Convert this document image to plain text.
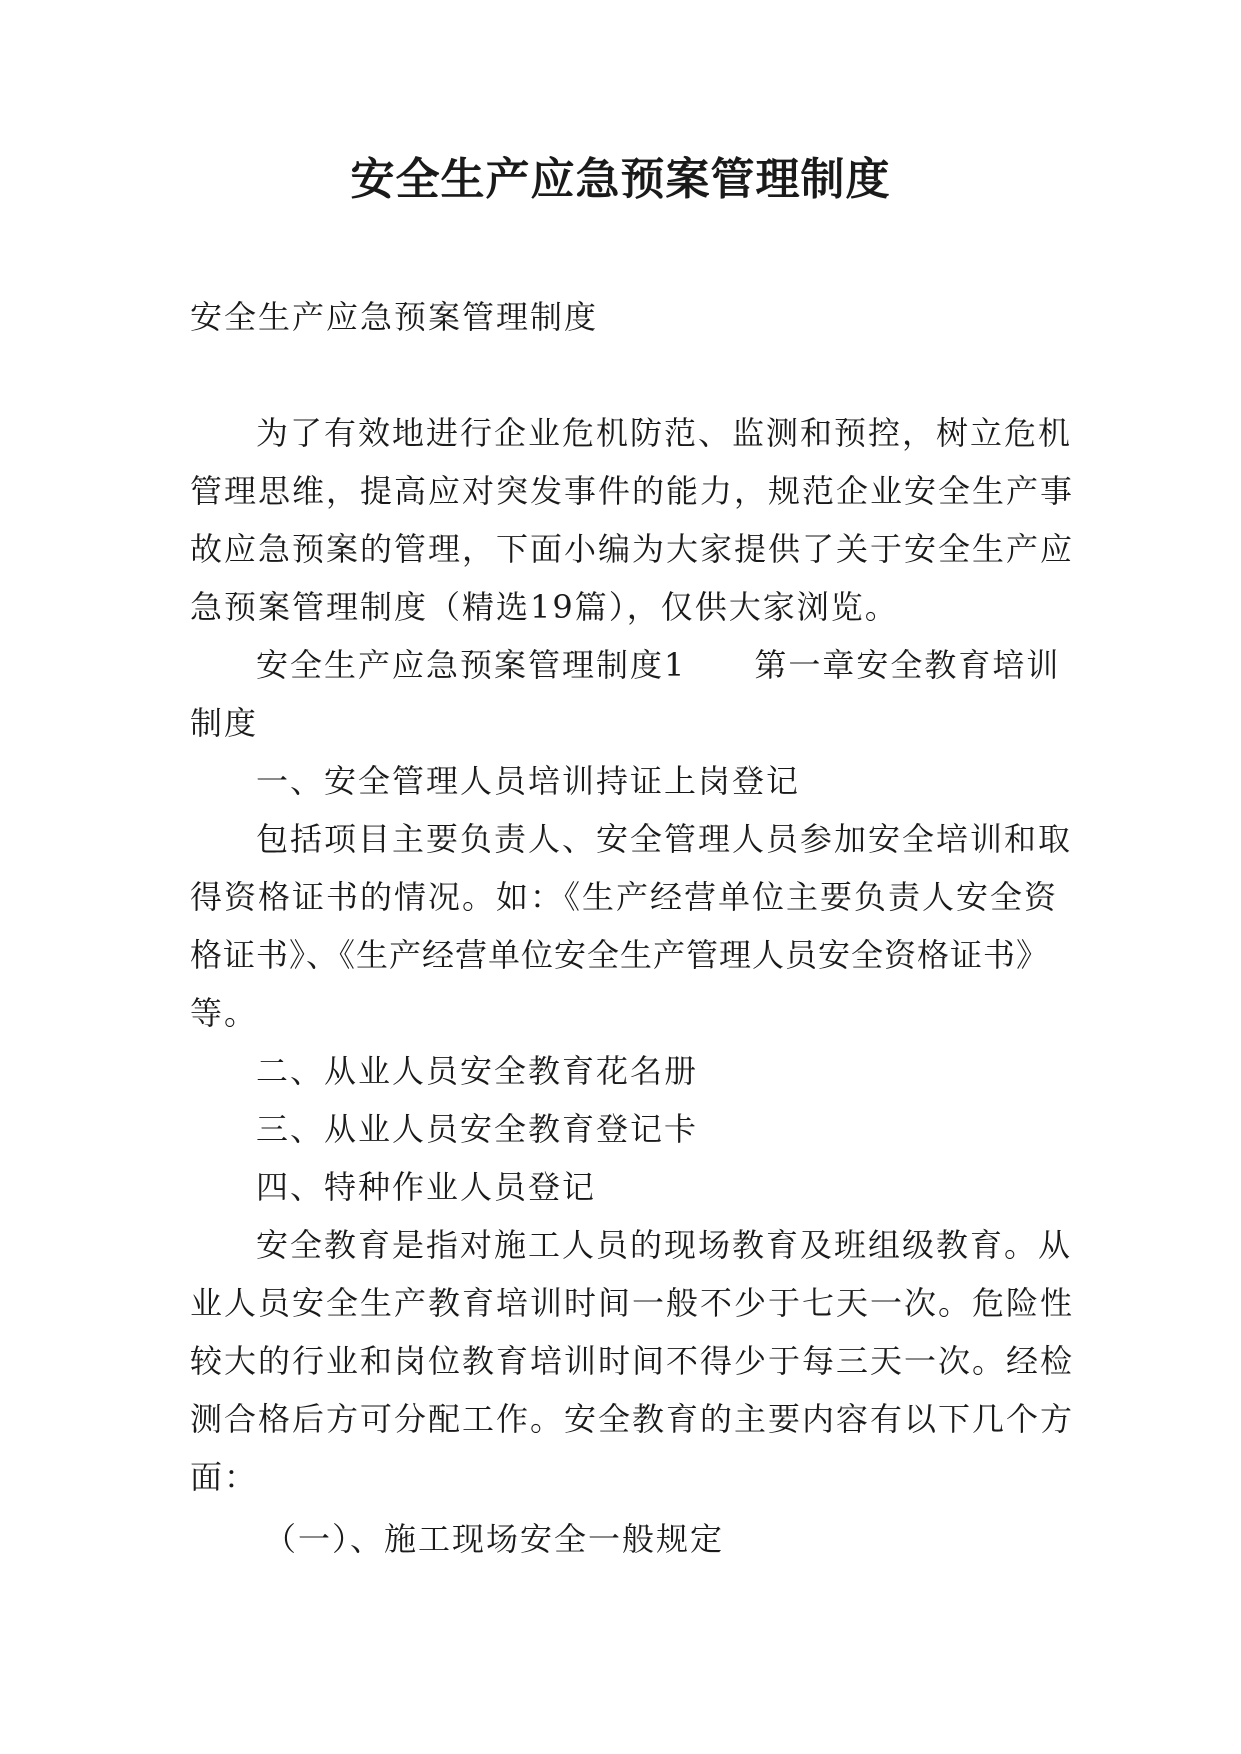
安全生产应急预案管理制度

安全生产应急预案管理制度

为了有效地进行企业危机防范、监测和预控，树立危机

管理思维，提高应对突发事件的能力，规范企业安全生产事

故应急预案的管理，下面小编为大家提供了关于安全生产应

急预案管理制度（精选19篇），仅供大家浏览。

安全生产应急预案管理制度1　　第一章安全教育培训

制度

一、安全管理人员培训持证上岗登记

包括项目主要负责人、安全管理人员参加安全培训和取

得资格证书的情况。如：《生产经营单位主要负责人安全资

格证书》、《生产经营单位安全生产管理人员安全资格证书》

等。

二、从业人员安全教育花名册

三、从业人员安全教育登记卡

四、特种作业人员登记

安全教育是指对施工人员的现场教育及班组级教育。从

业人员安全生产教育培训时间一般不少于七天一次。危险性

较大的行业和岗位教育培训时间不得少于每三天一次。经检

测合格后方可分配工作。安全教育的主要内容有以下几个方

面：

（一）、施工现场安全一般规定
